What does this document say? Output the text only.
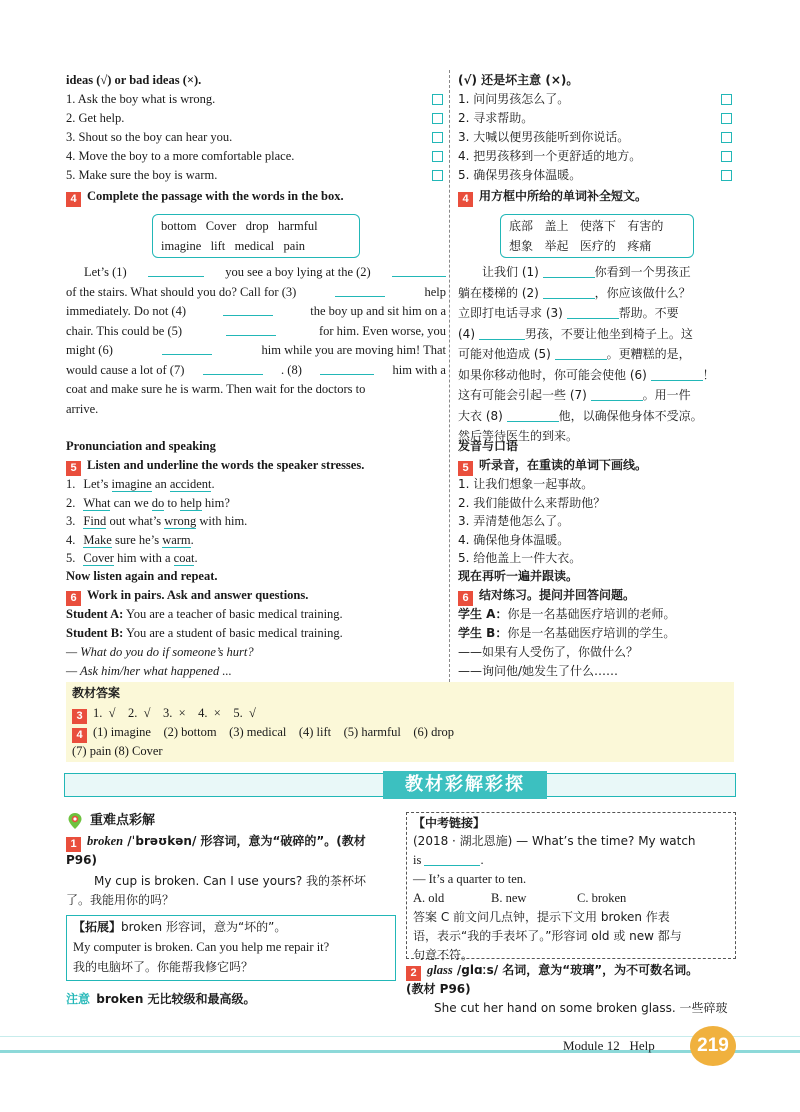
ideas (√) or bad ideas (×).
1. Ask the boy what is wrong.
2. Get help.
3. Shout so the boy can hear you.
4. Move the boy to a more comfortable place.
5. Make sure the boy is warm.
4 Complete the passage with the words in the box.
bottom   Cover   drop   harmful
imagine   lift   medical   pain
Let’s (1)	you see a boy lying at the (2)
of the stairs. What should you do? Call for (3)	help
immediately. Do not (4)	the boy up and sit him on a
chair. This could be (5)	for him. Even worse, you
might (6)	him while you are moving him! That
would cause a lot of (7)	. (8)	him with a
coat and make sure he is warm. Then wait for the doctors to
arrive.
Pronunciation and speaking
5 Listen and underline the words the speaker stresses.
1. Let’s imagine an accident.
2. What can we do to help him?
3. Find out what’s wrong with him.
4. Make sure he’s warm.
5. Cover him with a coat.
Now listen again and repeat.
6 Work in pairs. Ask and answer questions.
Student A: You are a teacher of basic medical training.
Student B: You are a student of basic medical training.
— What do you do if someone’s hurt?
— Ask him/her what happened ...
(√) 还是坏主意 (×)。
1. 问问男孩怎么了。
2. 寻求帮助。
3. 大喊以便男孩能听到你说话。
4. 把男孩移到一个更舒适的地方。
5. 确保男孩身体温暖。
4 用方框中所给的单词补全短文。
底部   盖上   使落下   有害的
想象   举起   医疗的   疼痛
　　让我们 (1)	你看到一个男孩正
躺在楼梯的 (2)	，你应该做什么？
立即打电话寻求 (3)	帮助。不要
(4)	男孩，不要让他坐到椅子上。这
可能对他造成 (5)	。更糟糕的是，
如果你移动他时，你可能会使他 (6)	！
这有可能会引起一些 (7)	。用一件
大衣 (8)	他，以确保他身体不受凉。
然后等待医生的到来。
发音与口语
5 听录音，在重读的单词下画线。
1. 让我们想象一起事故。
2. 我们能做什么来帮助他？
3. 弄清楚他怎么了。
4. 确保他身体温暖。
5. 给他盖上一件大衣。
现在再听一遍并跟读。
6 结对练习。提问并回答问题。
学生 A：你是一名基础医疗培训的老师。
学生 B：你是一名基础医疗培训的学生。
——如果有人受伤了，你做什么？
——询问他/她发生了什么……
教材答案
3 1.  √    2.  √    3.  ×    4.  ×    5.  √
4 (1) imagine    (2) bottom    (3) medical    (4) lift    (5) harmful    (6) drop
(7) pain (8) Cover
教材彩解彩探
重难点彩解
1 broken /ˈbrəʊkən/ 形容词，意为“破碎的”。(教材
P96)
My cup is broken. Can I use yours? 我的茶杯坏
了。我能用你的吗？
【拓展】broken 形容词，意为“坏的”。
My computer is broken. Can you help me repair it?
我的电脑坏了。你能帮我修它吗？
注意 broken 无比较级和最高级。
【中考链接】
(2018 · 湖北恩施) — What’s the time? My watch
is	.
— It’s a quarter to ten.
A. old	B. new	C. broken
答案 C 前文问几点钟，提示下文用 broken 作表
语，表示“我的手表坏了。”形容词 old 或 new 都与
句意不符。
2 glass /glɑːs/ 名词，意为“玻璃”，为不可数名词。
(教材 P96)
She cut her hand on some broken glass. 一些碎玻
Module 12 Help	219
